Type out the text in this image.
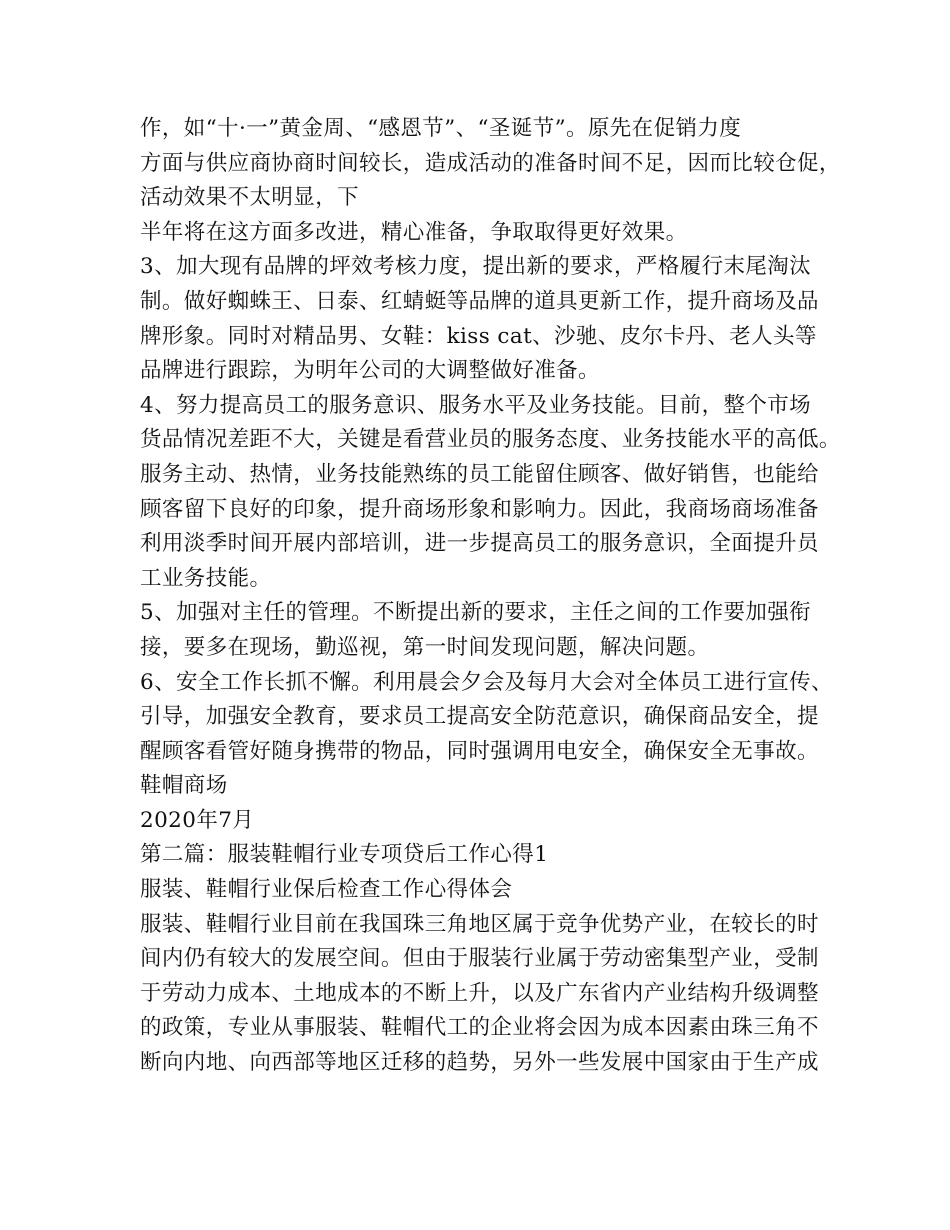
作，如“十·一”黄金周、“感恩节”、“圣诞节”。原先在促销力度
方面与供应商协商时间较长，造成活动的准备时间不足，因而比较仓促，
活动效果不太明显，下
半年将在这方面多改进，精心准备，争取取得更好效果。
3、加大现有品牌的坪效考核力度，提出新的要求，严格履行末尾淘汰
制。做好蜘蛛王、日泰、红蜻蜓等品牌的道具更新工作，提升商场及品
牌形象。同时对精品男、女鞋：kiss cat、沙驰、皮尔卡丹、老人头等
品牌进行跟踪，为明年公司的大调整做好准备。
4、努力提高员工的服务意识、服务水平及业务技能。目前，整个市场
货品情况差距不大，关键是看营业员的服务态度、业务技能水平的高低。
服务主动、热情，业务技能熟练的员工能留住顾客、做好销售，也能给
顾客留下良好的印象，提升商场形象和影响力。因此，我商场商场准备
利用淡季时间开展内部培训，进一步提高员工的服务意识，全面提升员
工业务技能。
5、加强对主任的管理。不断提出新的要求，主任之间的工作要加强衔
接，要多在现场，勤巡视，第一时间发现问题，解决问题。
6、安全工作长抓不懈。利用晨会夕会及每月大会对全体员工进行宣传、
引导，加强安全教育，要求员工提高安全防范意识，确保商品安全，提
醒顾客看管好随身携带的物品，同时强调用电安全，确保安全无事故。
鞋帽商场
2020年7月
第二篇：服装鞋帽行业专项贷后工作心得1
服装、鞋帽行业保后检查工作心得体会
服装、鞋帽行业目前在我国珠三角地区属于竞争优势产业，在较长的时
间内仍有较大的发展空间。但由于服装行业属于劳动密集型产业，受制
于劳动力成本、土地成本的不断上升，以及广东省内产业结构升级调整
的政策，专业从事服装、鞋帽代工的企业将会因为成本因素由珠三角不
断向内地、向西部等地区迁移的趋势，另外一些发展中国家由于生产成
